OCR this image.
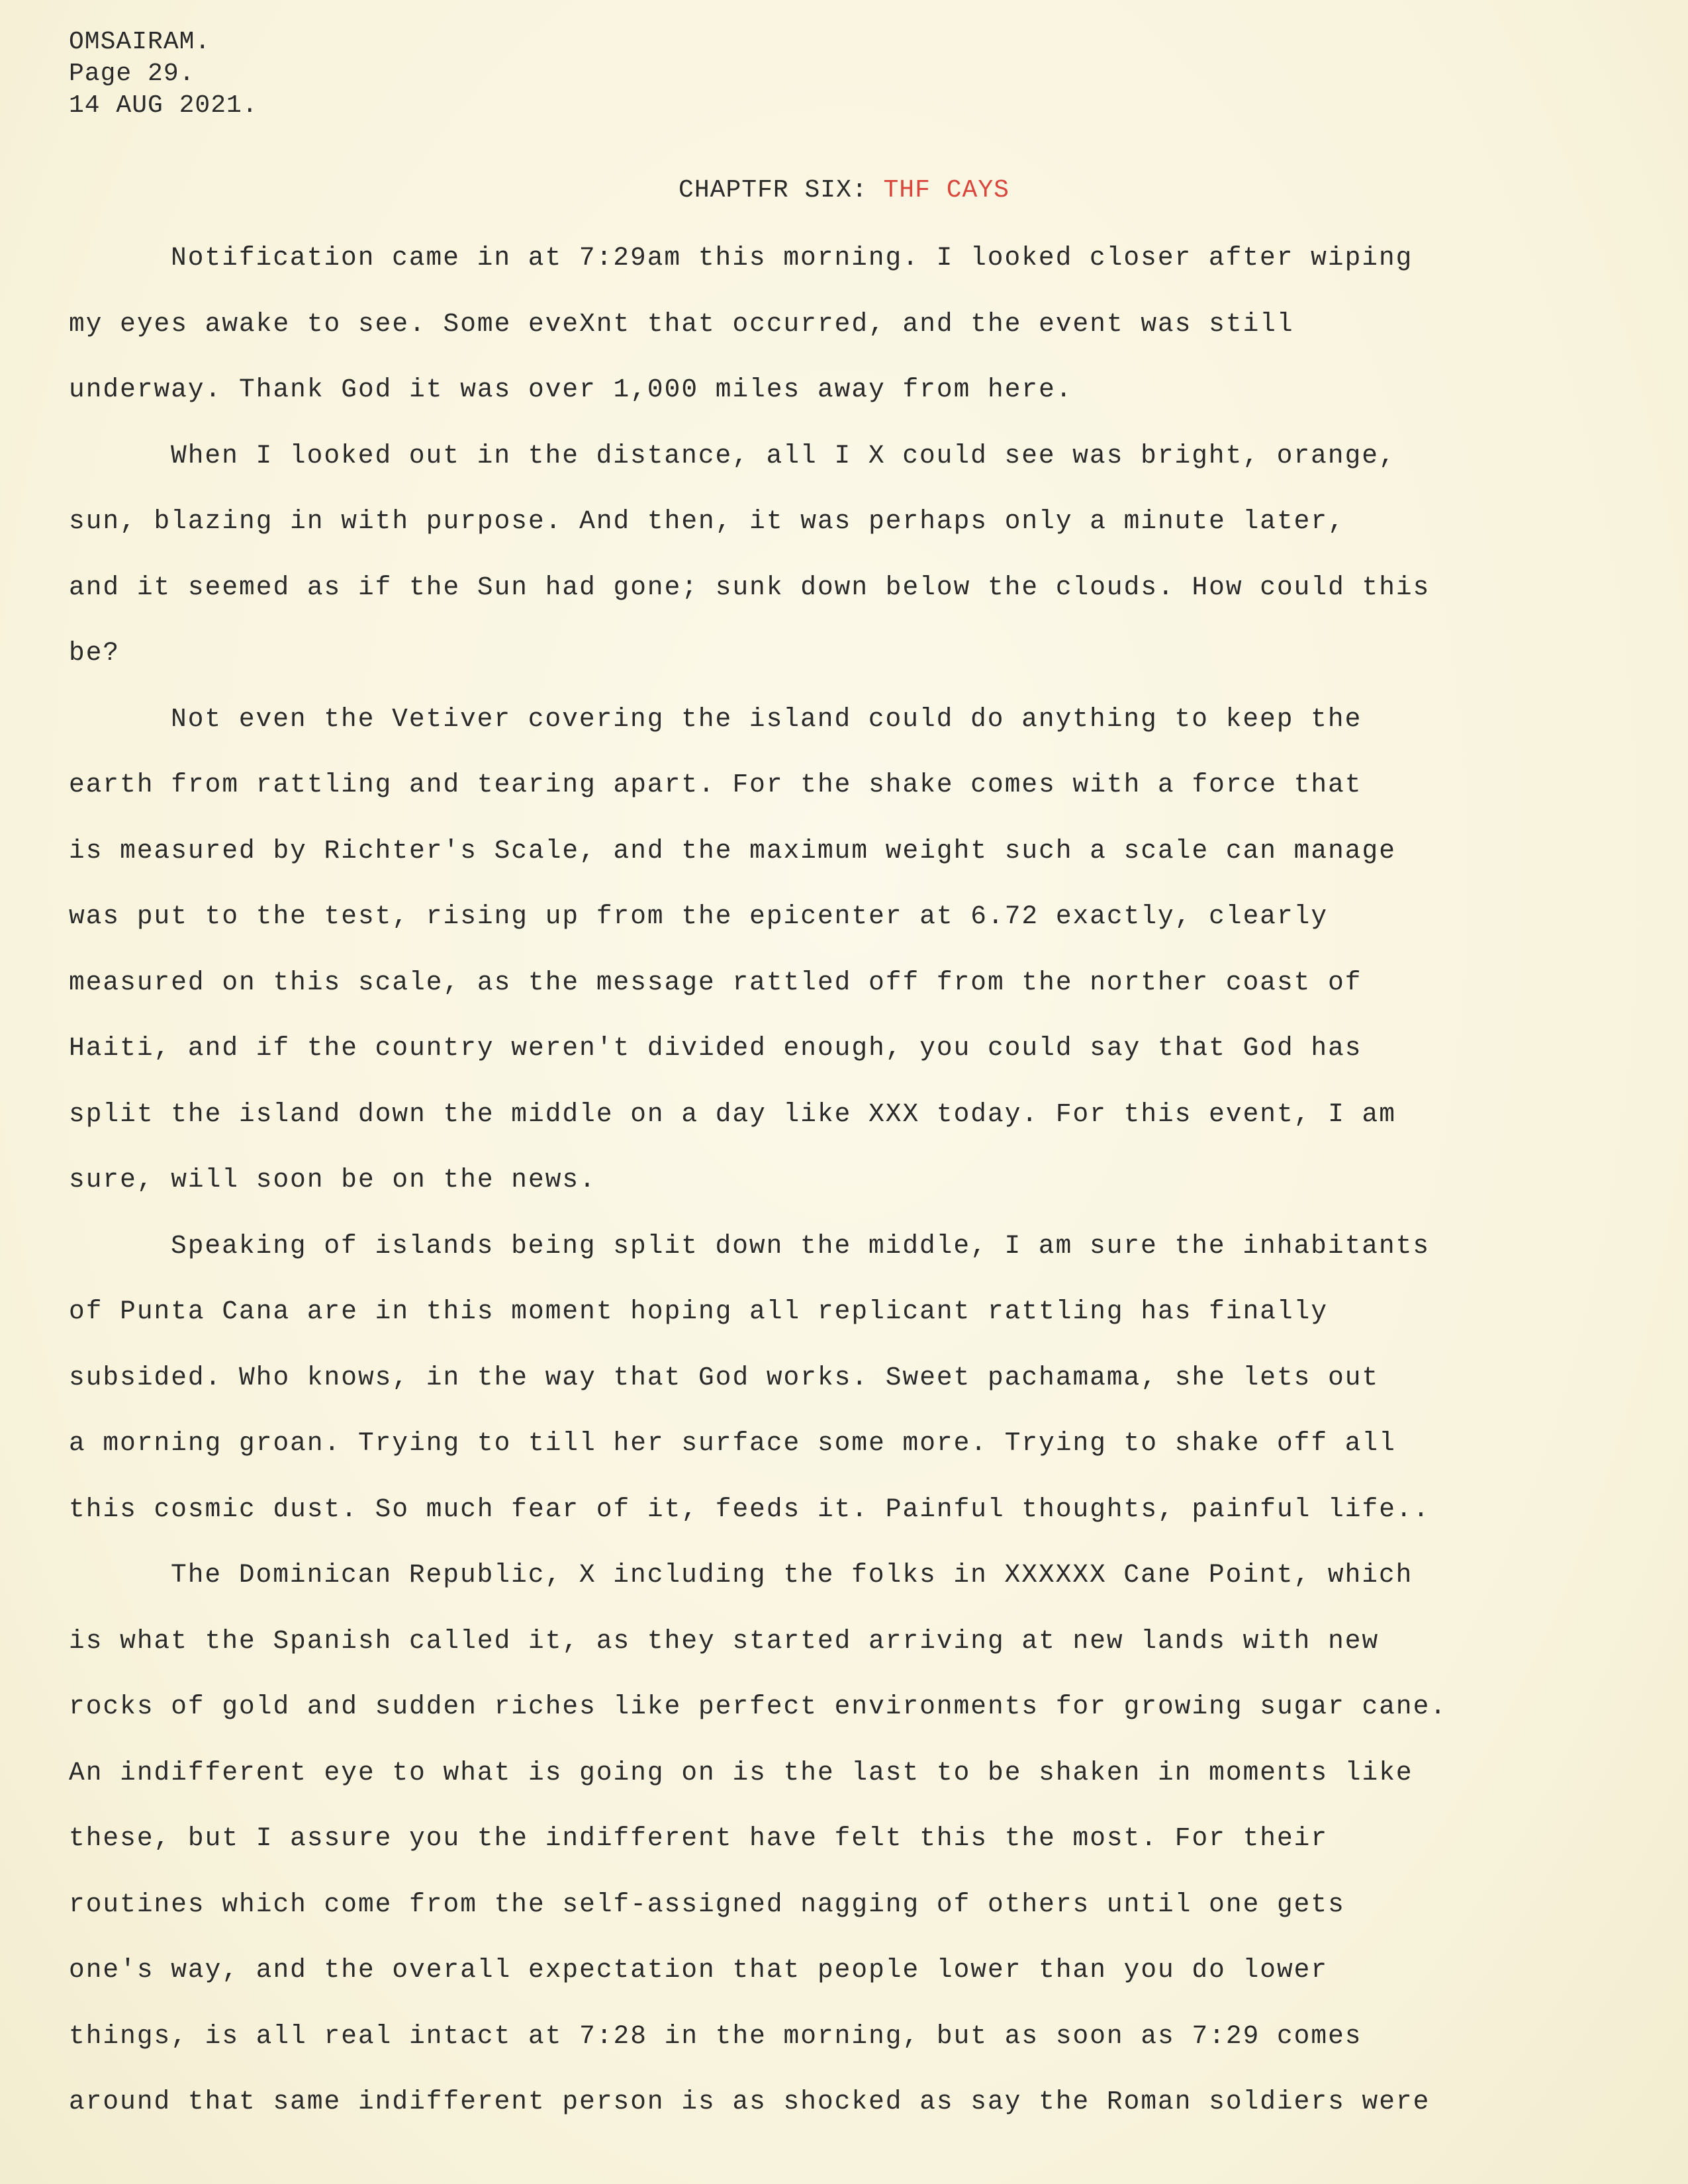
OMSAIRAM.
Page 29.
14 AUG 2021.
CHAPTFR SIX: THF CAYS
Notification came in at 7:29am this morning. I looked closer after wiping
my eyes awake to see. Some evеXnt that occurred, and the event was still
underway. Thank God it was over 1,000 miles away from here.
When I looked out in the distance, all I X could see was bright, orange,
sun, blazing in with purpose. And then, it was perhaps only a minute later,
and it seemed as if the Sun had gone; sunk down below the clouds. How could this
be?
Not even the Vetiver covering the island could do anything to keep the
earth from rattling and tearing apart. For the shake comes with a force that
is measured by Richter's Scale, and the maximum weight such a scale can manage
was put to the test, rising up from the epicenter at 6.72 exactly, clearly
measured on this scale, as the message rattled off from the norther coast of
Haiti, and if the country weren't divided enough, you could say that God has
split the island down the middle on a day like XXX today. For this event, I am
sure, will soon be on the news.
Speaking of islands being split down the middle, I am sure the inhabitants
of Punta Cana are in this moment hoping all replicant rattling has finally
subsided. Who knows, in the way that God works. Sweet pachamama, she lets out
a morning groan. Trying to till her surface some more. Trying to shake off all
this cosmic dust. So much fear of it, feeds it. Painful thoughts, painful life..
The Dominican Republic, X including the folks in XXXXXX Cane Point, which
is what the Spanish called it, as they started arriving at new lands with new
rocks of gold and sudden riches like perfect environments for growing sugar cane.
An indifferent eye to what is going on is the last to be shaken in moments like
these, but I assure you the indifferent have felt this the most. For their
routines which come from the self-assigned nagging of others until one gets
one's way, and the overall expectation that people lower than you do lower
things, is all real intact at 7:28 in the morning, but as soon as 7:29 comes
around that same indifferent person is as shocked as say the Roman soldiers were
